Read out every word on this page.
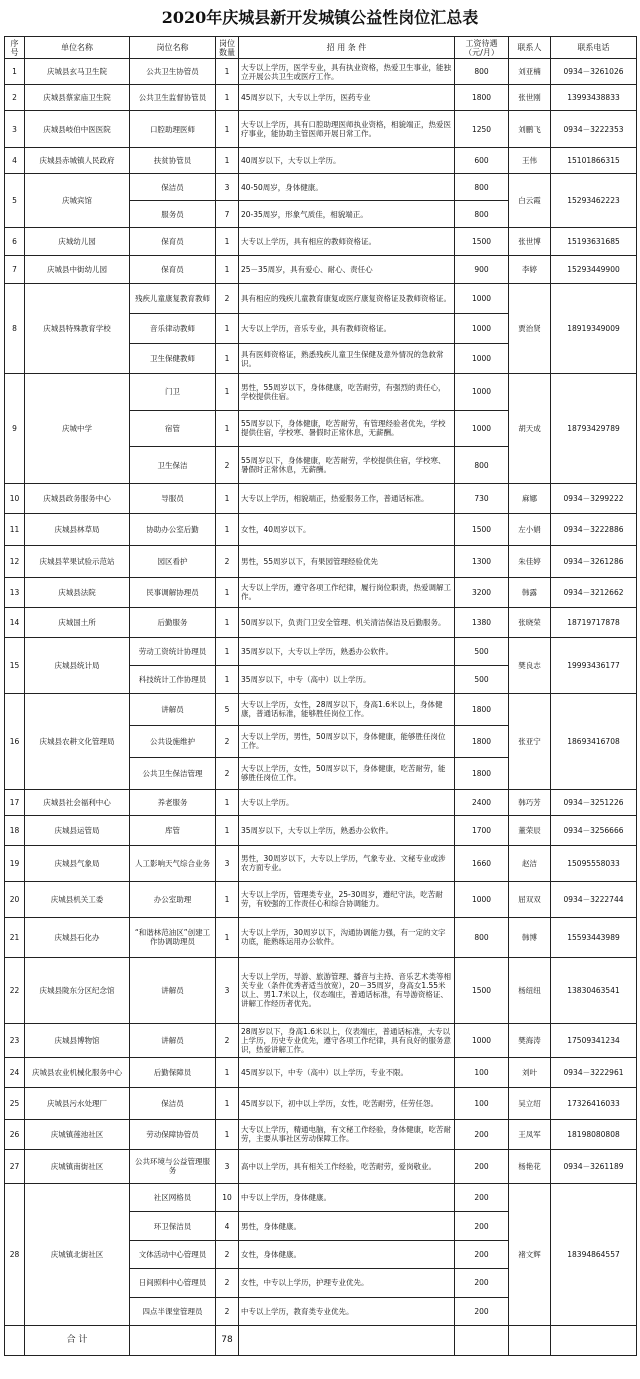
2020年庆城县新开发城镇公益性岗位汇总表
序号	单位名称	岗位名称	岗位数量	招 用 条 件	工资待遇（元/月）	联系人	联系电话
1	庆城县玄马卫生院	公共卫生协管员	1	大专以上学历，医学专业，具有执业资格，热爱卫生事业，能独立开展公共卫生或医疗工作。	800	刘亚楠	0934－3261026
2	庆城县蔡家庙卫生院	公共卫生监督协管员	1	45周岁以下，大专以上学历，医药专业	1800	张世刚	13993438833
3	庆城县岐伯中医医院	口腔助理医师	1	大专以上学历，具有口腔助理医师执业资格，相貌端正，热爱医疗事业，能协助主管医师开展日常工作。	1250	刘鹏飞	0934－3222353
4	庆城县赤城镇人民政府	扶贫协管员	1	40周岁以下，大专以上学历。	600	王伟	15101866315
5	庆城宾馆	保洁员	3	40-50周岁，身体健康。	800	白云霞	15293462223
		服务员	7	20-35周岁，形象气质佳，相貌端正。	800		
6	庆城幼儿园	保育员	1	大专以上学历，具有相应的教师资格证。	1500	张世博	15193631685
7	庆城县中街幼儿园	保育员	1	25－35周岁，具有爱心、耐心、责任心	900	李婷	15293449900
8	庆城县特殊教育学校	残疾儿童康复教育教师	2	具有相应的残疾儿童教育康复或医疗康复资格证及教师资格证。	1000	贾治贤	18919349009
		音乐律动教师	1	大专以上学历，音乐专业，具有教师资格证。	1000		
		卫生保健教师	1	具有医师资格证，熟悉残疾儿童卫生保健及意外情况的急救常识。	1000		
9	庆城中学	门卫	1	男性，55周岁以下，身体健康，吃苦耐劳，有强烈的责任心，学校提供住宿。	1000	胡天成	18793429789
		宿管	1	55周岁以下，身体健康，吃苦耐劳，有管理经验者优先，学校提供住宿，学校寒、暑假时正常休息，无薪酬。	1000		
		卫生保洁	2	55周岁以下，身体健康，吃苦耐劳，学校提供住宿，学校寒、暑假时正常休息，无薪酬。	800		
10	庆城县政务服务中心	导服员	1	大专以上学历，相貌端正，热爱服务工作，普通话标准。	730	麻娜	0934－3299222
11	庆城县林草局	协助办公室后勤	1	女性，40周岁以下。	1500	左小娟	0934－3222886
12	庆城县苹果试验示范站	园区看护	2	男性，55周岁以下，有果园管理经验优先	1300	朱佳婷	0934－3261286
13	庆城县法院	民事调解协理员	1	大专以上学历，遵守各项工作纪律，履行岗位职责，热爱调解工作。	3200	韩露	0934－3212662
14	庆城国土所	后勤服务	1	50周岁以下，负责门卫安全管理、机关清洁保洁及后勤服务。	1380	张晓荣	18719717878
15	庆城县统计局	劳动工资统计协理员	1	35周岁以下，大专以上学历，熟悉办公软件。	500	樊良志	19993436177
		科技统计工作协理员	1	35周岁以下，中专（高中）以上学历。	500		
16	庆城县农耕文化管理局	讲解员	5	大专以上学历，女性，28周岁以下，身高1.6米以上，身体健康，普通话标准，能够胜任岗位工作。	1800	张亚宁	18693416708
		公共设施维护	2	大专以上学历，男性，50周岁以下，身体健康，能够胜任岗位工作。	1800		
		公共卫生保洁管理	2	大专以上学历，女性，50周岁以下，身体健康，吃苦耐劳，能够胜任岗位工作。	1800		
17	庆城县社会福利中心	养老服务	1	大专以上学历。	2400	韩巧芳	0934－3251226
18	庆城县运管局	库管	1	35周岁以下，大专以上学历，熟悉办公软件。	1700	董荣辰	0934－3256666
19	庆城县气象局	人工影响天气综合业务	3	男性，30周岁以下，大专以上学历，气象专业、文秘专业或涉农方面专业。	1660	赵洁	15095558033
20	庆城县机关工委	办公室助理	1	大专以上学历，管理类专业，25-30周岁，遵纪守法，吃苦耐劳，有较强的工作责任心和综合协调能力。	1000	屈双双	0934－3222744
21	庆城县石化办	“和谐林范油区”创建工作协调助理员	1	大专以上学历，30周岁以下，沟通协调能力强，有一定的文字功底，能熟练运用办公软件。	800	韩博	15593443989
22	庆城县陇东分区纪念馆	讲解员	3	大专以上学历，导游、旅游管理、播音与主持、音乐艺术类等相关专业（条件优秀者适当放宽），20－35周岁，身高女1.55米以上、男1.7米以上，仪态端庄，普通话标准，有导游资格证、讲解工作经历者优先。	1500	杨纽纽	13830463541
23	庆城县博物馆	讲解员	2	28周岁以下，身高1.6米以上，仪表端庄，普通话标准，大专以上学历，历史专业优先，遵守各项工作纪律，具有良好的服务意识，热爱讲解工作。	1000	樊海涛	17509341234
24	庆城县农业机械化服务中心	后勤保障员	1	45周岁以下，中专（高中）以上学历，专业不限。	100	刘叶	0934－3222961
25	庆城县污水处理厂	保洁员	1	45周岁以下，初中以上学历，女性，吃苦耐劳，任劳任怨。	100	吴立绍	17326416033
26	庆城镇莲池社区	劳动保障协管员	1	大专以上学历，精通电脑，有文秘工作经验，身体健康，吃苦耐劳，主要从事社区劳动保障工作。	200	王凤军	18198080808
27	庆城镇南街社区	公共环境与公益管理服务	3	高中以上学历，具有相关工作经验，吃苦耐劳，爱岗敬业。	200	杨艳花	0934－3261189
28	庆城镇北街社区	社区网格员	10	中专以上学历，身体健康。	200	褚文辉	18394864557
		环卫保洁员	4	男性，身体健康。	200		
		文体活动中心管理员	2	女性，身体健康。	200		
		日间照料中心管理员	2	女性，中专以上学历，护理专业优先。	200		
		四点半课堂管理员	2	中专以上学历，教育类专业优先。	200		
	合 计		78				
